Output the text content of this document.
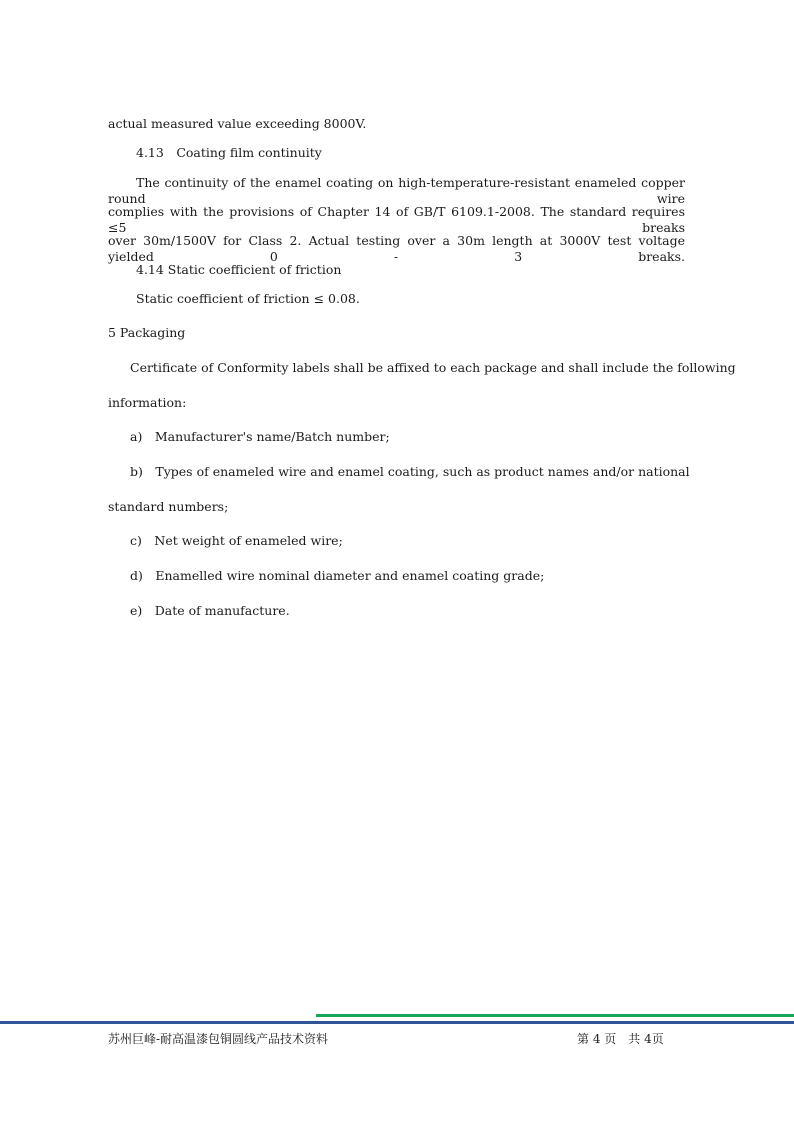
actual measured value exceeding 8000V.
4.13　Coating film continuity
The continuity of the enamel coating on high-temperature-resistant enameled copper round wire
complies with the provisions of Chapter 14 of GB/T 6109.1-2008. The standard requires ≤5 breaks
over 30m/1500V for Class 2. Actual testing over a 30m length at 3000V test voltage yielded 0 - 3 breaks.
4.14 Static coefficient of friction
Static coefficient of friction ≤ 0.08.
5 Packaging
Certificate of Conformity labels shall be affixed to each package and shall include the following
information:
a)　Manufacturer's name/Batch number;
b)　Types of enameled wire and enamel coating, such as product names and/or national
standard numbers;
c)　Net weight of enameled wire;
d)　Enamelled wire nominal diameter and enamel coating grade;
e)　Date of manufacture.
苏州巨峰-耐高温漆包铜圆线产品技术资料	第 4 页　共 4页
